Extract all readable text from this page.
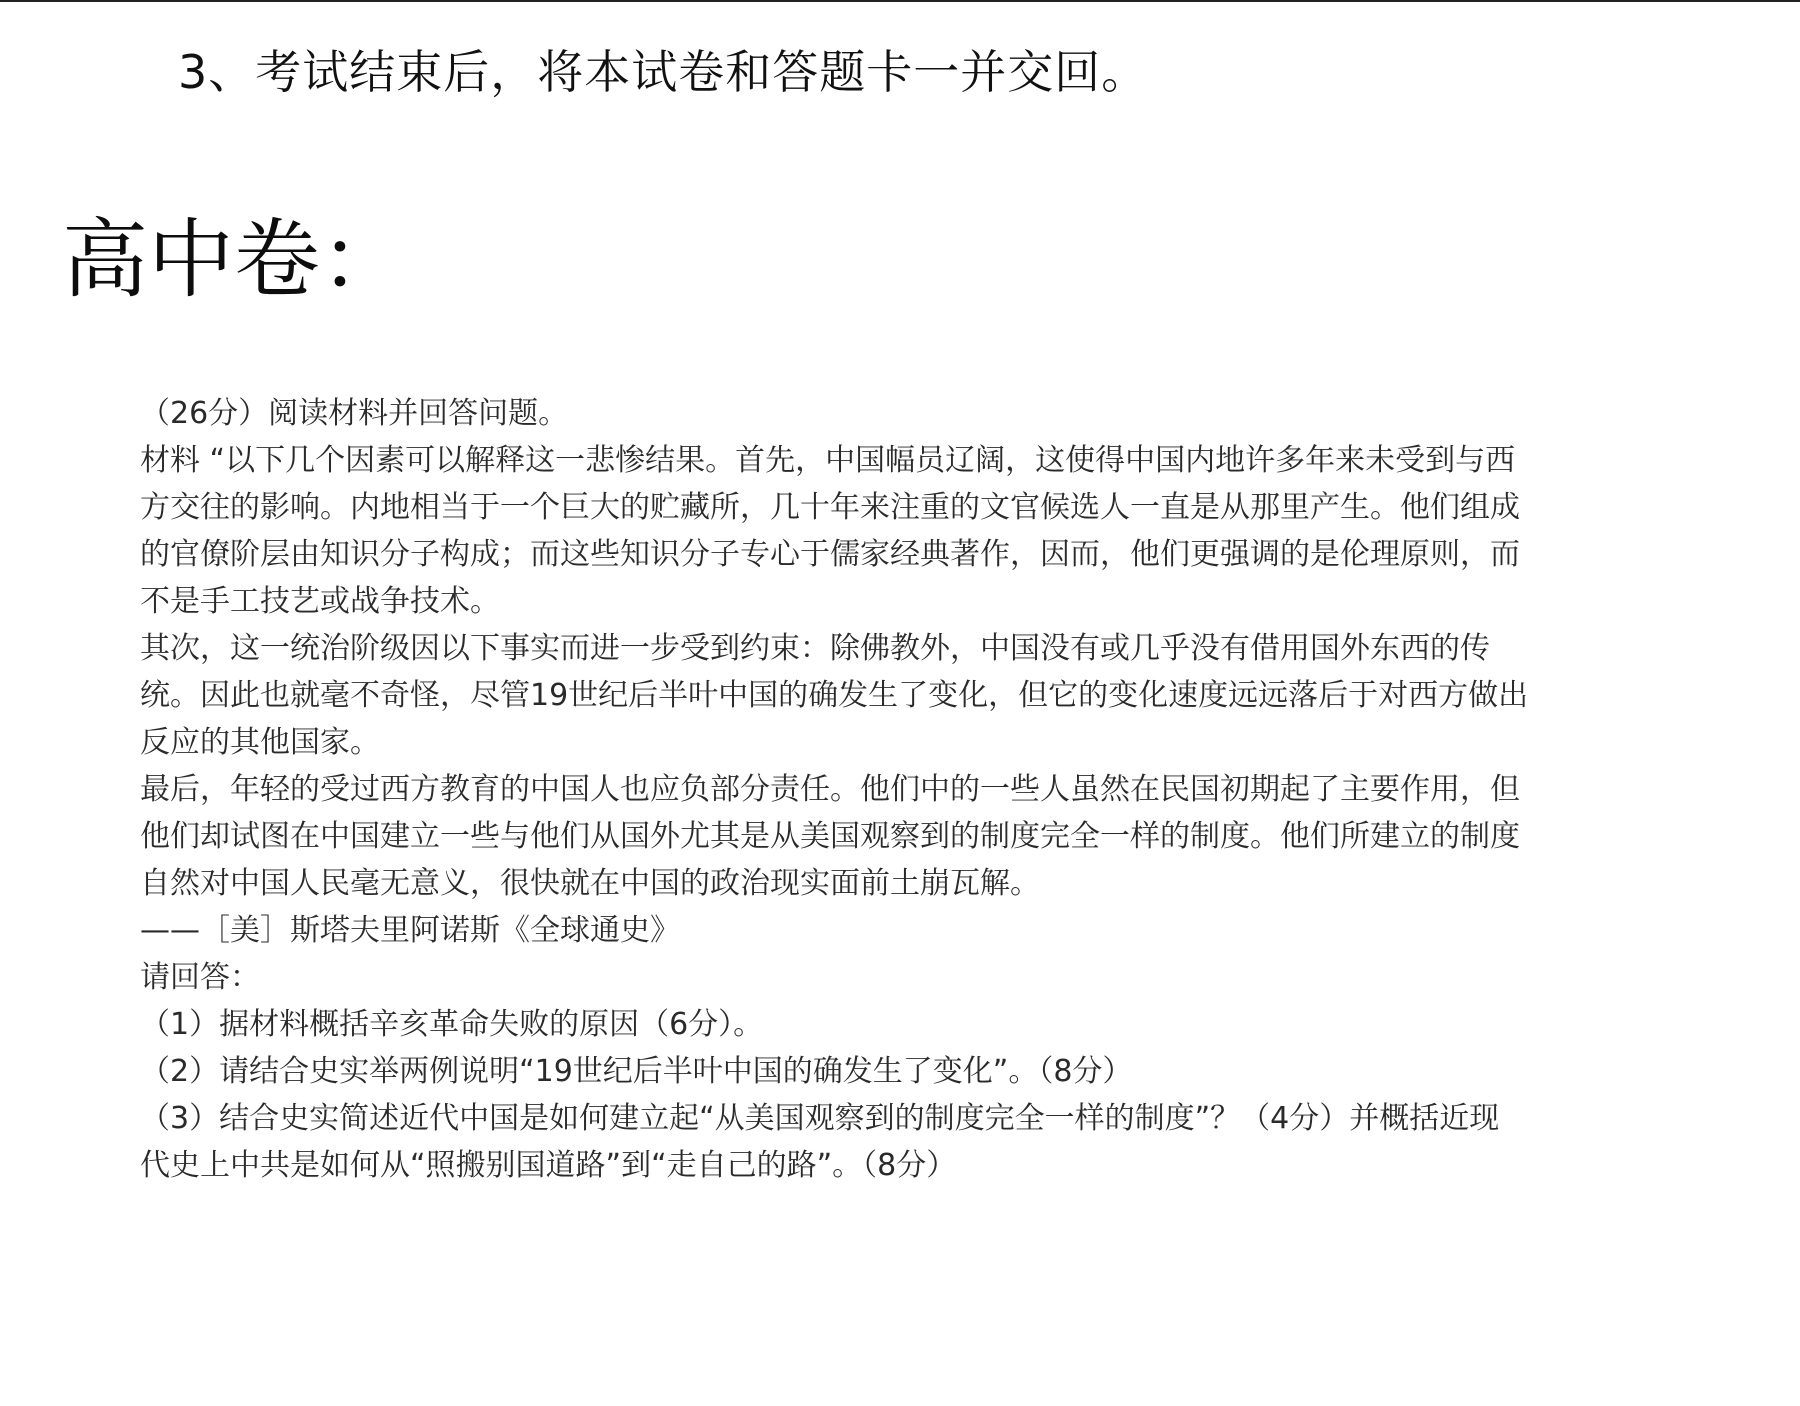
3、考试结束后，将本试卷和答题卡一并交回。
高中卷：

（26分）阅读材料并回答问题。

材料 “以下几个因素可以解释这一悲惨结果。首先，中国幅员辽阔，这使得中国内地许多年来未受到与西

方交往的影响。内地相当于一个巨大的贮藏所，几十年来注重的文官候选人一直是从那里产生。他们组成

的官僚阶层由知识分子构成；而这些知识分子专心于儒家经典著作，因而，他们更强调的是伦理原则，而

不是手工技艺或战争技术。

其次，这一统治阶级因以下事实而进一步受到约束：除佛教外，中国没有或几乎没有借用国外东西的传

统。因此也就毫不奇怪，尽管19世纪后半叶中国的确发生了变化，但它的变化速度远远落后于对西方做出

反应的其他国家。

最后，年轻的受过西方教育的中国人也应负部分责任。他们中的一些人虽然在民国初期起了主要作用，但

他们却试图在中国建立一些与他们从国外尤其是从美国观察到的制度完全一样的制度。他们所建立的制度

自然对中国人民毫无意义，很快就在中国的政治现实面前土崩瓦解。

——［美］斯塔夫里阿诺斯《全球通史》

请回答：

（1）据材料概括辛亥革命失败的原因（6分）。

（2）请结合史实举两例说明“19世纪后半叶中国的确发生了变化”。（8分）

（3）结合史实简述近代中国是如何建立起“从美国观察到的制度完全一样的制度”？（4分）并概括近现

代史上中共是如何从“照搬别国道路”到“走自己的路”。（8分）
